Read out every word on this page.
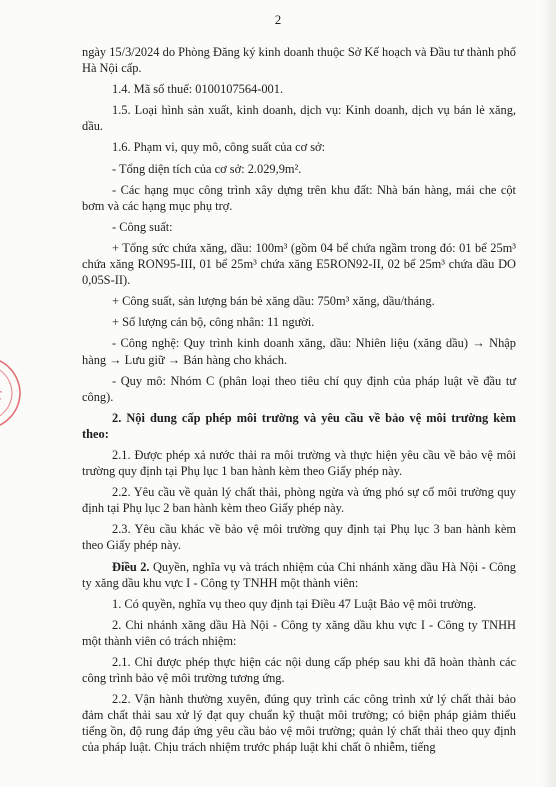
2

ngày 15/3/2024 do Phòng Đăng ký kinh doanh thuộc Sở Kế hoạch và Đầu tư thành phố Hà Nội cấp.

1.4. Mã số thuế: 0100107564-001.

1.5. Loại hình sản xuất, kinh doanh, dịch vụ: Kinh doanh, dịch vụ bán lẻ xăng, dầu.

1.6. Phạm vi, quy mô, công suất của cơ sở:

- Tổng diện tích của cơ sở: 2.029,9m².

- Các hạng mục công trình xây dựng trên khu đất: Nhà bán hàng, mái che cột bơm và các hạng mục phụ trợ.

- Công suất:

+ Tổng sức chứa xăng, dầu: 100m³ (gồm 04 bể chứa ngầm trong đó: 01 bể 25m³ chứa xăng RON95-III, 01 bể 25m³ chứa xăng E5RON92-II, 02 bể 25m³ chứa dầu DO 0,05S-II).

+ Công suất, sản lượng bán bẻ xăng dầu: 750m³ xăng, dầu/tháng.

+ Số lượng cán bộ, công nhân: 11 người.

- Công nghệ: Quy trình kinh doanh xăng, dầu: Nhiên liệu (xăng dầu) → Nhập hàng → Lưu giữ → Bán hàng cho khách.

- Quy mô: Nhóm C (phân loại theo tiêu chí quy định của pháp luật về đầu tư công).

2. Nội dung cấp phép môi trường và yêu cầu về bảo vệ môi trường kèm theo:

2.1. Được phép xả nước thải ra môi trường và thực hiện yêu cầu về bảo vệ môi trường quy định tại Phụ lục 1 ban hành kèm theo Giấy phép này.

2.2. Yêu cầu về quản lý chất thải, phòng ngừa và ứng phó sự cố môi trường quy định tại Phụ lục 2 ban hành kèm theo Giấy phép này.

2.3. Yêu cầu khác về bảo vệ môi trường quy định tại Phụ lục 3 ban hành kèm theo Giấy phép này.

Điều 2. Quyền, nghĩa vụ và trách nhiệm của Chi nhánh xăng dầu Hà Nội - Công ty xăng dầu khu vực I - Công ty TNHH một thành viên:

1. Có quyền, nghĩa vụ theo quy định tại Điều 47 Luật Bảo vệ môi trường.

2. Chi nhánh xăng dầu Hà Nội - Công ty xăng dầu khu vực I - Công ty TNHH một thành viên có trách nhiệm:

2.1. Chỉ được phép thực hiện các nội dung cấp phép sau khi đã hoàn thành các công trình bảo vệ môi trường tương ứng.

2.2. Vận hành thường xuyên, đúng quy trình các công trình xử lý chất thải bảo đảm chất thải sau xử lý đạt quy chuẩn kỹ thuật môi trường; có biện pháp giảm thiểu tiếng ồn, độ rung đáp ứng yêu cầu bảo vệ môi trường; quản lý chất thải theo quy định của pháp luật. Chịu trách nhiệm trước pháp luật khi chất ô nhiễm, tiếng
